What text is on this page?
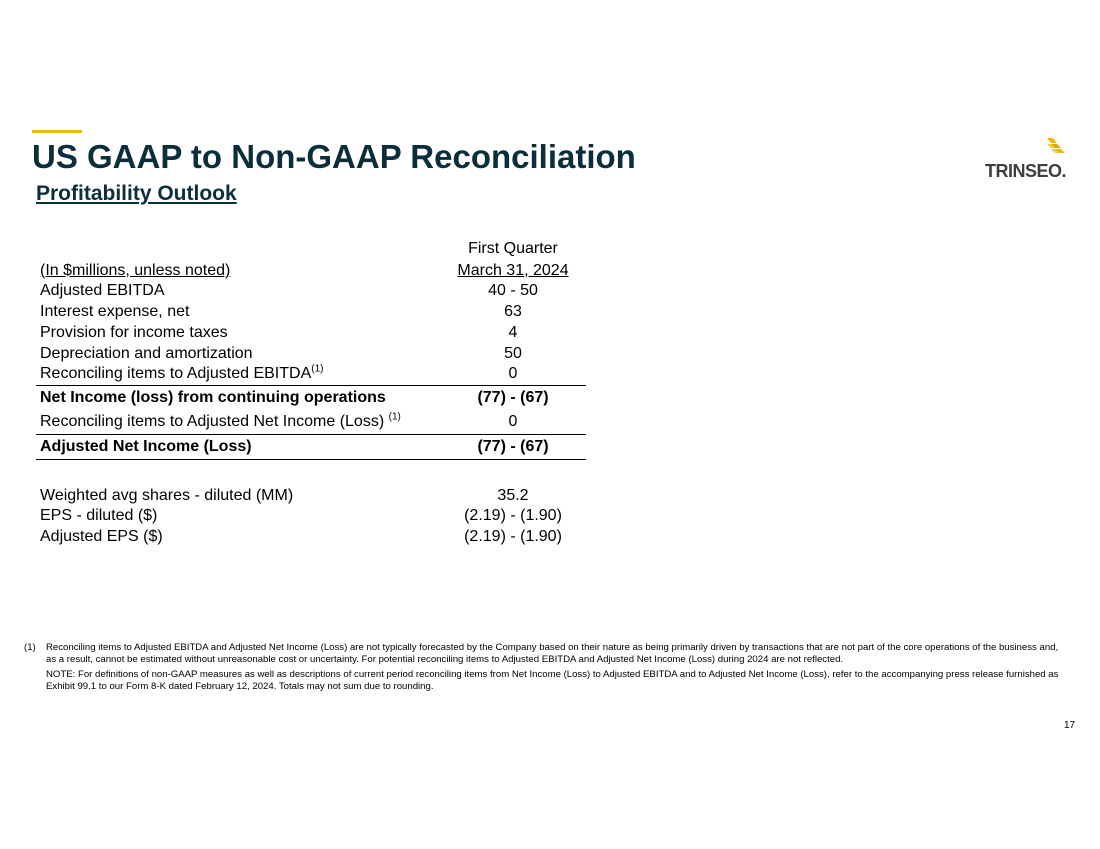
US GAAP to Non-GAAP Reconciliation
Profitability Outlook
TRINSEO.
(In $millions, unless noted)	First Quarter
March 31, 2024

Adjusted EBITDA	40 - 50
Interest expense, net	63
Provision for income taxes	4
Depreciation and amortization	50
Reconciling items to Adjusted EBITDA$^{(1)}$	0
Net Income (loss) from continuing operations	(77) - (67)
Reconciling items to Adjusted Net Income (Loss) $^{(1)}$	0
Adjusted Net Income (Loss)	(77) - (67)

Weighted avg shares - diluted (MM)	35.2
EPS - diluted ($)	(2.19) - (1.90)
Adjusted EPS ($)	(2.19) - (1.90)
(1)	Reconciling items to Adjusted EBITDA and Adjusted Net Income (Loss) are not typically forecasted by the Company based on their nature as being primarily driven by transactions that are not part of the core operations of the business and, as a result, cannot be estimated without unreasonable cost or uncertainty. For potential reconciling items to Adjusted EBITDA and Adjusted Net Income (Loss) during 2024 are not reflected.
NOTE: For definitions of non-GAAP measures as well as descriptions of current period reconciling items from Net Income (Loss) to Adjusted EBITDA and to Adjusted Net Income (Loss), refer to the accompanying press release furnished as Exhibit 99.1 to our Form 8-K dated February 12, 2024. Totals may not sum due to rounding.
17
